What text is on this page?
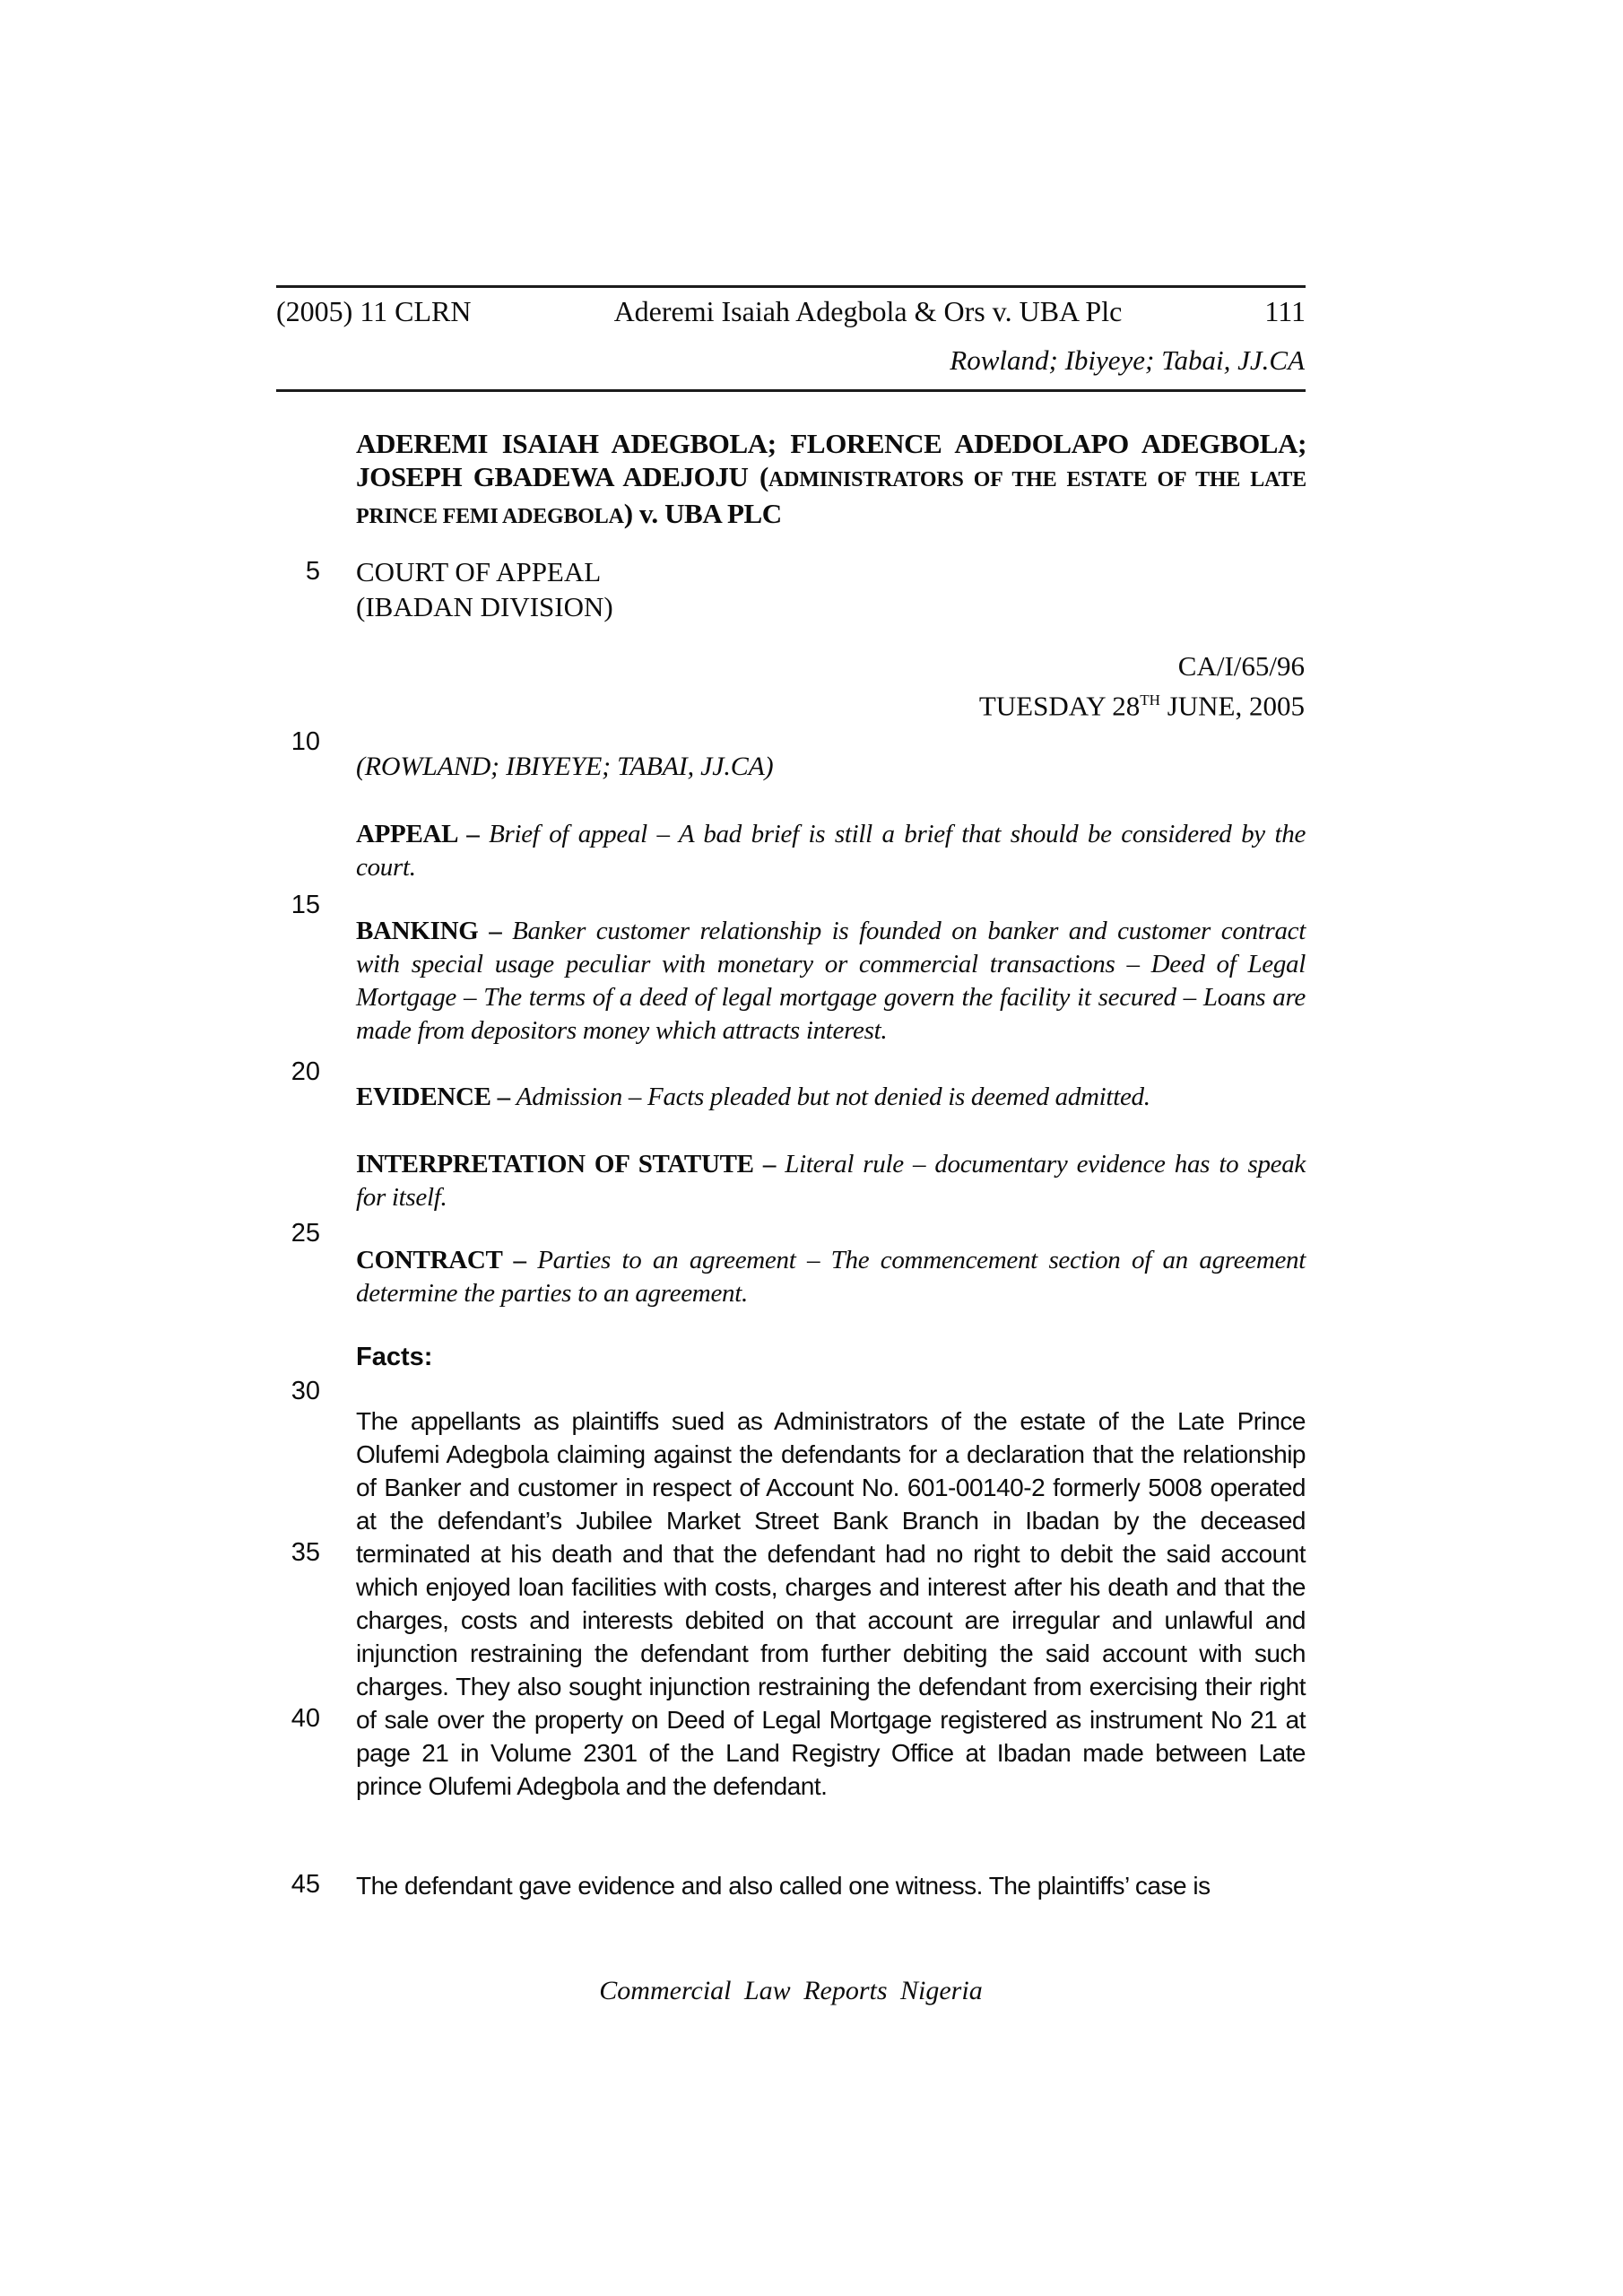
(2005) 11 CLRN	Aderemi Isaiah Adegbola & Ors v. UBA Plc	111
Rowland; Ibiyeye; Tabai, JJ.CA
ADEREMI ISAIAH ADEGBOLA; FLORENCE ADEDOLAPO ADEGBOLA; JOSEPH GBADEWA ADEJOJU (ADMINISTRATORS OF THE ESTATE OF THE LATE PRINCE FEMI ADEGBOLA) v. UBA PLC
5
10
15
20
25
30
35
40
45
COURT OF APPEAL
(IBADAN DIVISION)
CA/I/65/96
TUESDAY 28TH JUNE, 2005
(ROWLAND; IBIYEYE; TABAI, JJ.CA)

APPEAL – Brief of appeal – A bad brief is still a brief that should be considered by the court.

BANKING – Banker customer relationship is founded on banker and customer contract with special usage peculiar with monetary or commercial transactions – Deed of Legal Mortgage – The terms of a deed of legal mortgage govern the facility it secured – Loans are made from depositors money which attracts interest.

EVIDENCE – Admission – Facts pleaded but not denied is deemed admitted.

INTERPRETATION OF STATUTE – Literal rule – documentary evidence has to speak for itself.

CONTRACT – Parties to an agreement – The commencement section of an agreement determine the parties to an agreement.

Facts:

The appellants as plaintiffs sued as Administrators of the estate of the Late Prince Olufemi Adegbola claiming against the defendants for a declaration that the relationship of Banker and customer in respect of Account No. 601-00140-2 formerly 5008 operated at the defendant’s Jubilee Market Street Bank Branch in Ibadan by the deceased terminated at his death and that the defendant had no right to debit the said account which enjoyed loan facilities with costs, charges and interest after his death and that the charges, costs and interests debited on that account are irregular and unlawful and injunction restraining the defendant from further debiting the said account with such charges. They also sought injunction restraining the defendant from exercising their right of sale over the property on Deed of Legal Mortgage registered as instrument No 21 at page 21 in Volume 2301 of the Land Registry Office at Ibadan made between Late prince Olufemi Adegbola and the defendant.

The defendant gave evidence and also called one witness. The plaintiffs’ case is

Commercial Law Reports Nigeria
